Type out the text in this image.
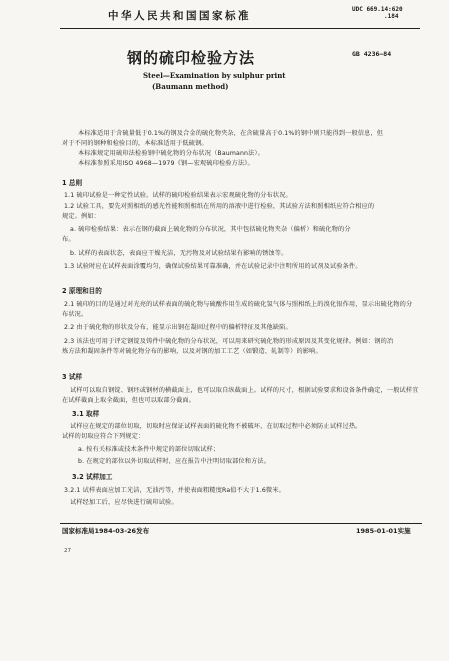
中华人民共和国国家标准
UDC 669.14:620
.184
钢的硫印检验方法	GB 4236—84
Steel—Examination by sulphur print
(Baumann method)
本标准适用于含硫量低于0.1%的钢及合金的硫化物夹杂，在含硫量高于0.1%的钢中则只能得到一般信息，但
对于不同的钢种和检验目的，本标准适用于低硫钢。
本标准规定用硫印法检验钢中硫化物的分布状况（Baumann法）。
本标准参照采用ISO 4968—1979《钢—宏观硫印检验方法》。
1 总则
1.1 硫印试验是一种定性试验。试样的硫印检验结果表示宏观硫化物的分布状况。
1.2 试验工具，要先对照相纸的感光性能和照相纸在所用的溶液中进行检验，其试验方法和照相纸应符合相应的
规定。例如：
a. 硫印检验结果：表示在钢的截面上硫化物的分布状况，其中包括硫化物夹杂（偏析）和硫化物的分
布。
b. 试样的表面状态，表面应干燥光洁，无污物及对试验结果有影响的锈蚀等。
1.3 试验时应在试样表面涂覆均匀，确保试验结果可靠准确，并在试验记录中注明所用的试剂及试验条件。
2 原理和目的
2.1 硫印的目的是通过对光亮的试样表面的硫化物与硫酸作用生成的硫化氢气体与照相纸上的溴化银作用，显示出硫化物的分
布状况。
2.2 由于硫化物的形状及分布，能显示出钢在凝固过程中的偏析特征及其他缺陷。
2.3 该法也可用于评定钢锭及铸件中硫化物的分布状况，可以用来研究硫化物的形成原因及其变化规律。例如：钢的冶
炼方法和凝固条件等对硫化物分布的影响，以及对钢的加工工艺（如锻造、轧制等）的影响。
3 试样
试样可以取自钢锭、钢坯或钢材的横截面上，也可以取自纵截面上。试样的尺寸，根据试验要求和设备条件确定，一般试样宜
在试样截面上取全截面，但也可以取部分截面。
3.1 取样
试样应在规定的部位切取，切取时应保证试样表面的硫化物不被破坏，在切取过程中必须防止试样过热。
试样的切取应符合下列规定：
a. 按有关标准或技术条件中规定的部位切取试样；
b. 在规定的部位以外切取试样时，应在报告中注明切取部位和方法。
3.2 试样加工
3.2.1 试样表面应加工光洁，无油污等，并使表面粗糙度Ra值不大于1.6微米。
试样经加工后，应尽快进行硫印试验。
国家标准局1984-03-26发布	1985-01-01实施
27
